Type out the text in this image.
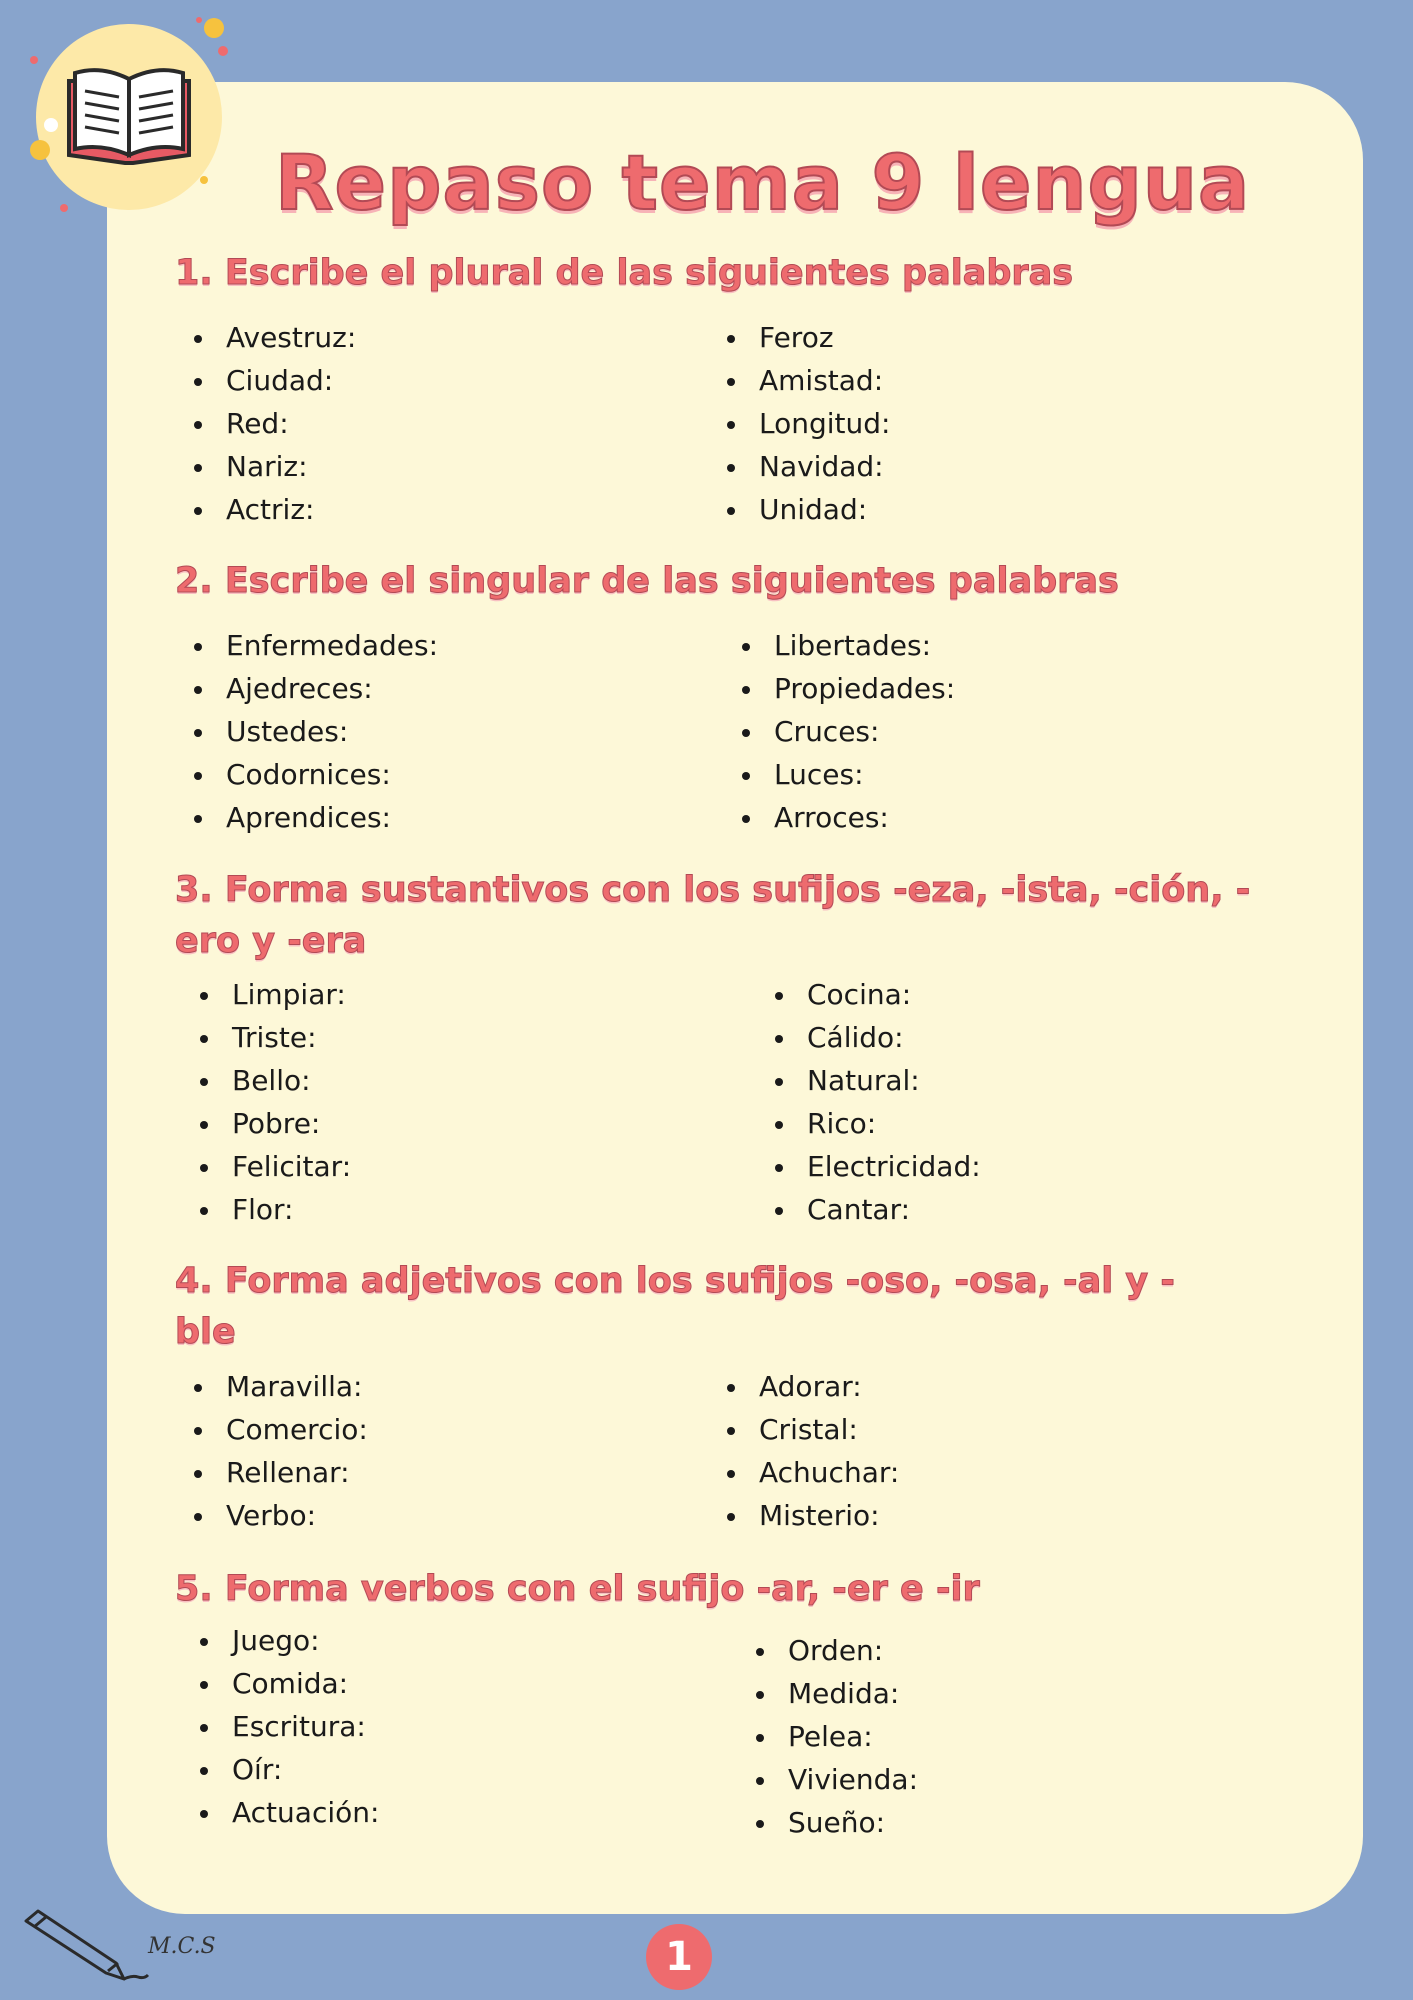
Repaso tema 9 lengua

1. Escribe el plural de las siguientes palabras

Avestruz:
Ciudad:
Red:
Nariz:
Actriz:
Feroz
Amistad:
Longitud:
Navidad:
Unidad:

2. Escribe el singular de las siguientes palabras

Enfermedades:
Ajedreces:
Ustedes:
Codornices:
Aprendices:
Libertades:
Propiedades:
Cruces:
Luces:
Arroces:

3. Forma sustantivos con los sufijos -eza, -ista, -ción, -
ero y -era

Limpiar:
Triste:
Bello:
Pobre:
Felicitar:
Flor:
Cocina:
Cálido:
Natural:
Rico:
Electricidad:
Cantar:

4. Forma adjetivos con los sufijos -oso, -osa, -al y -
ble

Maravilla:
Comercio:
Rellenar:
Verbo:
Adorar:
Cristal:
Achuchar:
Misterio:

5. Forma verbos con el sufijo -ar, -er e -ir

Juego:
Comida:
Escritura:
Oír:
Actuación:
Orden:
Medida:
Pelea:
Vivienda:
Sueño:
M.C.S	1
